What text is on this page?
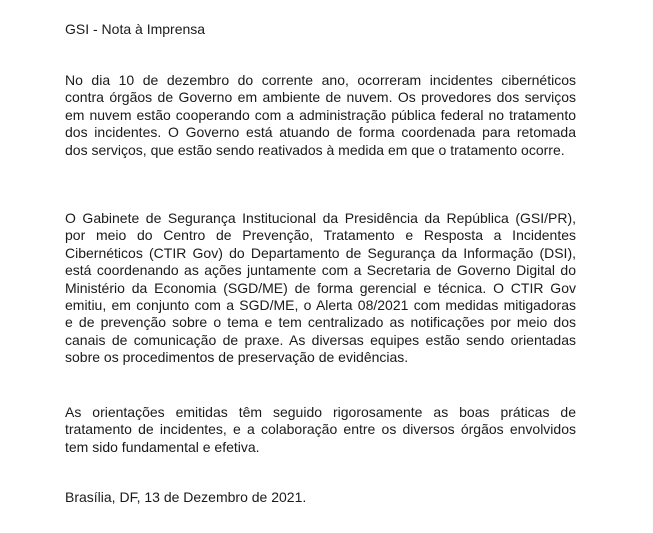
GSI - Nota à Imprensa
No dia 10 de dezembro do corrente ano, ocorreram incidentes cibernéticos
contra órgãos de Governo em ambiente de nuvem. Os provedores dos serviços
em nuvem estão cooperando com a administração pública federal no tratamento
dos incidentes. O Governo está atuando de forma coordenada para retomada
dos serviços, que estão sendo reativados à medida em que o tratamento ocorre.
O Gabinete de Segurança Institucional da Presidência da República (GSI/PR),
por meio do Centro de Prevenção, Tratamento e Resposta a Incidentes
Cibernéticos (CTIR Gov) do Departamento de Segurança da Informação (DSI),
está coordenando as ações juntamente com a Secretaria de Governo Digital do
Ministério da Economia (SGD/ME) de forma gerencial e técnica. O CTIR Gov
emitiu, em conjunto com a SGD/ME, o Alerta 08/2021 com medidas mitigadoras
e de prevenção sobre o tema e tem centralizado as notificações por meio dos
canais de comunicação de praxe. As diversas equipes estão sendo orientadas
sobre os procedimentos de preservação de evidências.
As orientações emitidas têm seguido rigorosamente as boas práticas de
tratamento de incidentes, e a colaboração entre os diversos órgãos envolvidos
tem sido fundamental e efetiva.
Brasília, DF, 13 de Dezembro de 2021.
